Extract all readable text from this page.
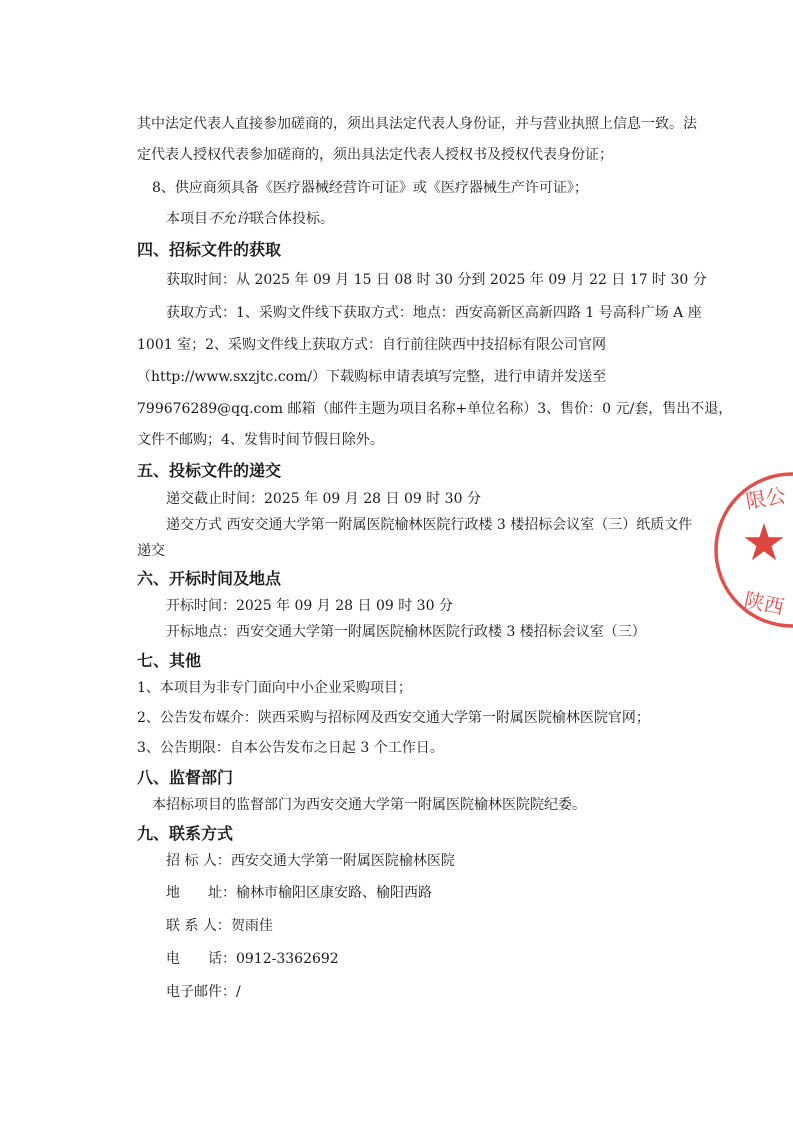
其中法定代表人直接参加磋商的，须出具法定代表人身份证，并与营业执照上信息一致。法
定代表人授权代表参加磋商的，须出具法定代表人授权书及授权代表身份证；
8、供应商须具备《医疗器械经营许可证》或《医疗器械生产许可证》；
本项目不允许联合体投标。
四、招标文件的获取
获取时间：从 2025 年 09 月 15 日 08 时 30 分到 2025 年 09 月 22 日 17 时 30 分
获取方式：1、采购文件线下获取方式：地点：西安高新区高新四路 1 号高科广场 A 座
1001 室；2、采购文件线上获取方式：自行前往陕西中技招标有限公司官网
（http://www.sxzjtc.com/）下载购标申请表填写完整，进行申请并发送至
799676289@qq.com 邮箱（邮件主题为项目名称+单位名称）3、售价：0 元/套，售出不退，
文件不邮购；4、发售时间节假日除外。
五、投标文件的递交
递交截止时间：2025 年 09 月 28 日 09 时 30 分
递交方式 西安交通大学第一附属医院榆林医院行政楼 3 楼招标会议室（三）纸质文件
递交
六、开标时间及地点
开标时间：2025 年 09 月 28 日 09 时 30 分
开标地点：西安交通大学第一附属医院榆林医院行政楼 3 楼招标会议室（三）
七、其他
1、本项目为非专门面向中小企业采购项目；
2、公告发布媒介：陕西采购与招标网及西安交通大学第一附属医院榆林医院官网；
3、公告期限：自本公告发布之日起 3 个工作日。
八、监督部门
本招标项目的监督部门为西安交通大学第一附属医院榆林医院院纪委。
九、联系方式
招 标 人：西安交通大学第一附属医院榆林医院
地 址：榆林市榆阳区康安路、榆阳西路
联 系 人：贺雨佳
电 话：0912-3362692
电子邮件：/
限公
陕西
